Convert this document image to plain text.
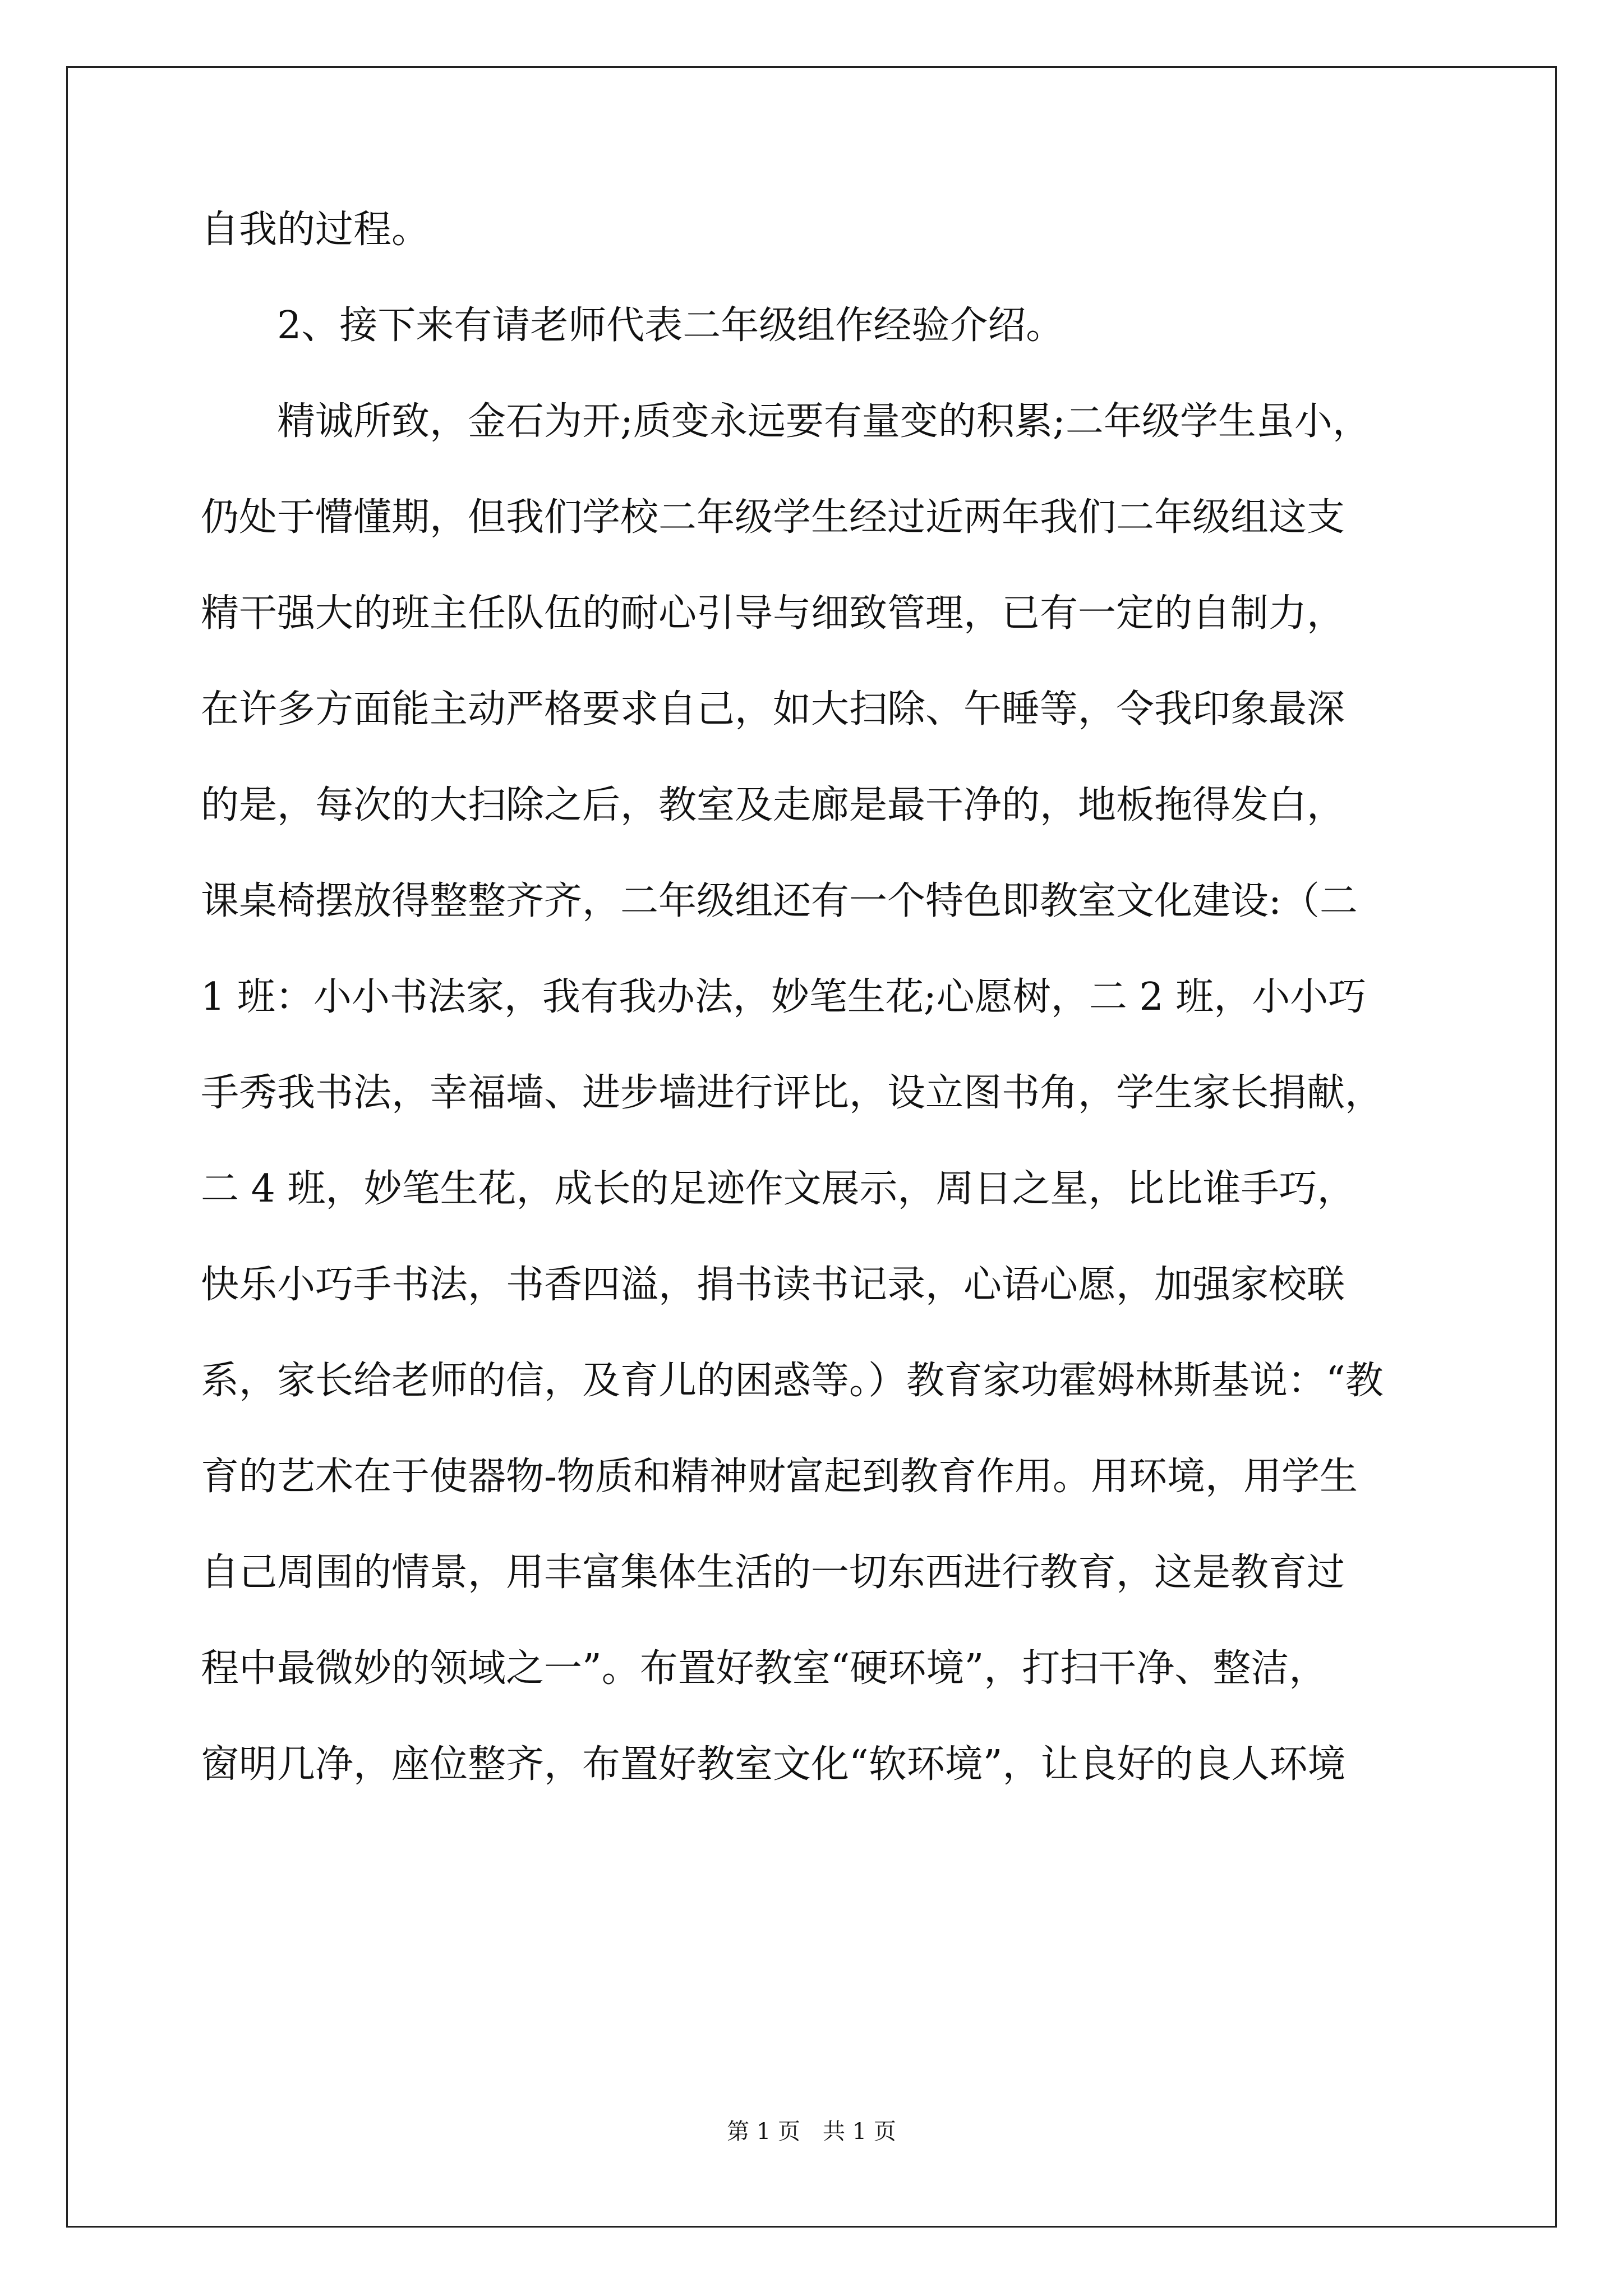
自我的过程。
　　2、接下来有请老师代表二年级组作经验介绍。
　　精诚所致，金石为开;质变永远要有量变的积累;二年级学生虽小，
仍处于懵懂期，但我们学校二年级学生经过近两年我们二年级组这支
精干强大的班主任队伍的耐心引导与细致管理，已有一定的自制力，
在许多方面能主动严格要求自己，如大扫除、午睡等，令我印象最深
的是，每次的大扫除之后，教室及走廊是最干净的，地板拖得发白，
课桌椅摆放得整整齐齐，二年级组还有一个特色即教室文化建设:（二
1 班：小小书法家，我有我办法，妙笔生花;心愿树，二 2 班，小小巧
手秀我书法，幸福墙、进步墙进行评比，设立图书角，学生家长捐献，
二 4 班，妙笔生花，成长的足迹作文展示，周日之星，比比谁手巧，
快乐小巧手书法，书香四溢，捐书读书记录，心语心愿，加强家校联
系，家长给老师的信，及育儿的困惑等。）教育家功霍姆林斯基说：“教
育的艺术在于使器物-物质和精神财富起到教育作用。用环境，用学生
自己周围的情景，用丰富集体生活的一切东西进行教育，这是教育过
程中最微妙的领域之一”。布置好教室“硬环境”，打扫干净、整洁，
窗明几净，座位整齐，布置好教室文化“软环境”，让良好的良人环境
第 1 页　共 1 页
